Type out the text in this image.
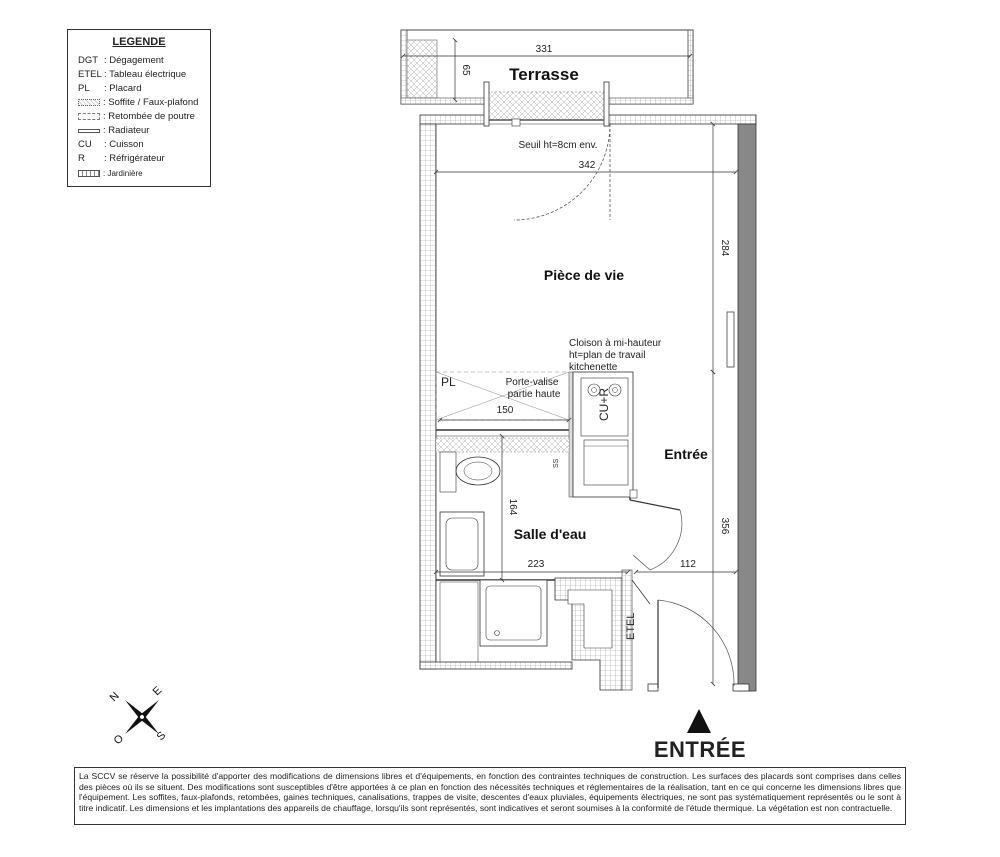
LEGENDE
DGT : Dégagement
ETEL : Tableau électrique
PL	: Placard
: Soffite / Faux-plafond
: Retombée de poutre
: Radiateur
CU	: Cuisson
R	: Réfrigérateur
: Jardinière
Terrasse
Pièce de vie
Entrée
Salle d'eau
Seuil ht=8cm env.
Cloison à mi-hauteur
ht=plan de travail
kitchenette
Porte-valise
partie haute
PL
CU+R
SS
ETEL
331
65
342
284
356
150
164
223	112
N	E
S
O	ENTRÉE
La SCCV se réserve la possibilité d'apporter des modifications de dimensions libres et d'équipements, en fonction des contraintes techniques de construction. Les surfaces des placards sont comprises dans celles des pièces où ils se situent. Des modifications sont susceptibles d'être apportées à ce plan en fonction des nécessités techniques et réglementaires de la réalisation, tant en ce qui concerne les dimensions libres que l'équipement. Les soffites, faux-plafonds, retombées, gaines techniques, canalisations, trappes de visite, descentes d'eaux pluviales, équipements électriques, ne sont pas systématiquement représentés ou le sont à titre indicatif. Les dimensions et les implantations des appareils de chauffage, lorsqu'ils sont représentés, sont indicatives et seront soumises à la conformité de l'étude thermique. La végétation est non contractuelle.
